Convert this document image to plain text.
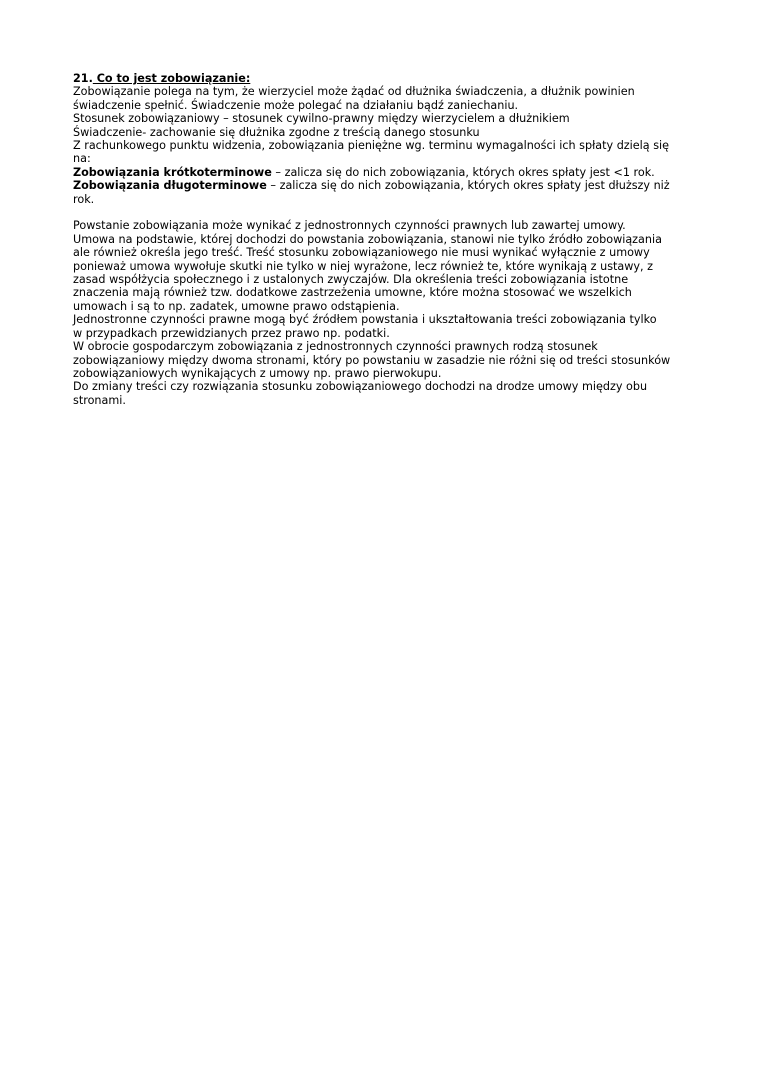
21. Co to jest zobowiązanie:
Zobowiązanie polega na tym, że wierzyciel może żądać od dłużnika świadczenia, a dłużnik powinien
świadczenie spełnić. Świadczenie może polegać na działaniu bądź zaniechaniu.
Stosunek zobowiązaniowy – stosunek cywilno-prawny między wierzycielem a dłużnikiem
Świadczenie- zachowanie się dłużnika zgodne z treścią danego stosunku
Z rachunkowego punktu widzenia, zobowiązania pieniężne wg. terminu wymagalności ich spłaty dzielą się
na:
Zobowiązania krótkoterminowe – zalicza się do nich zobowiązania, których okres spłaty jest <1 rok.
Zobowiązania długoterminowe – zalicza się do nich zobowiązania, których okres spłaty jest dłuższy niż
rok.
Powstanie zobowiązania może wynikać z jednostronnych czynności prawnych lub zawartej umowy.
Umowa na podstawie, której dochodzi do powstania zobowiązania, stanowi nie tylko źródło zobowiązania
ale również określa jego treść. Treść stosunku zobowiązaniowego nie musi wynikać wyłącznie z umowy
ponieważ umowa wywołuje skutki nie tylko w niej wyrażone, lecz również te, które wynikają z ustawy, z
zasad współżycia społecznego i z ustalonych zwyczajów. Dla określenia treści zobowiązania istotne
znaczenia mają również tzw. dodatkowe zastrzeżenia umowne, które można stosować we wszelkich
umowach i są to np. zadatek, umowne prawo odstąpienia.
Jednostronne czynności prawne mogą być źródłem powstania i ukształtowania treści zobowiązania tylko
w przypadkach przewidzianych przez prawo np. podatki.
W obrocie gospodarczym zobowiązania z jednostronnych czynności prawnych rodzą stosunek
zobowiązaniowy między dwoma stronami, który po powstaniu w zasadzie nie różni się od treści stosunków
zobowiązaniowych wynikających z umowy np. prawo pierwokupu.
Do zmiany treści czy rozwiązania stosunku zobowiązaniowego dochodzi na drodze umowy między obu
stronami.
